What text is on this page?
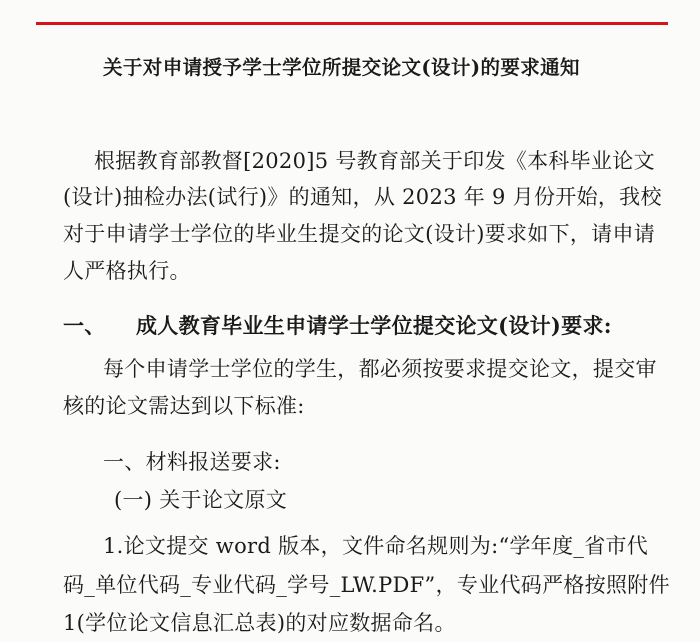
关于对申请授予学士学位所提交论文(设计)的要求通知
根据教育部教督[2020]5 号教育部关于印发《本科毕业论文
(设计)抽检办法(试行)》的通知，从 2023 年 9 月份开始，我校
对于申请学士学位的毕业生提交的论文(设计)要求如下，请申请
人严格执行。
一、 成人教育毕业生申请学士学位提交论文(设计)要求:
每个申请学士学位的学生，都必须按要求提交论文，提交审
核的论文需达到以下标准:
一、材料报送要求:
(一) 关于论文原文
1.论文提交 word 版本，文件命名规则为:“学年度_省市代
码_单位代码_专业代码_学号_LW.PDF”，专业代码严格按照附件
1(学位论文信息汇总表)的对应数据命名。
